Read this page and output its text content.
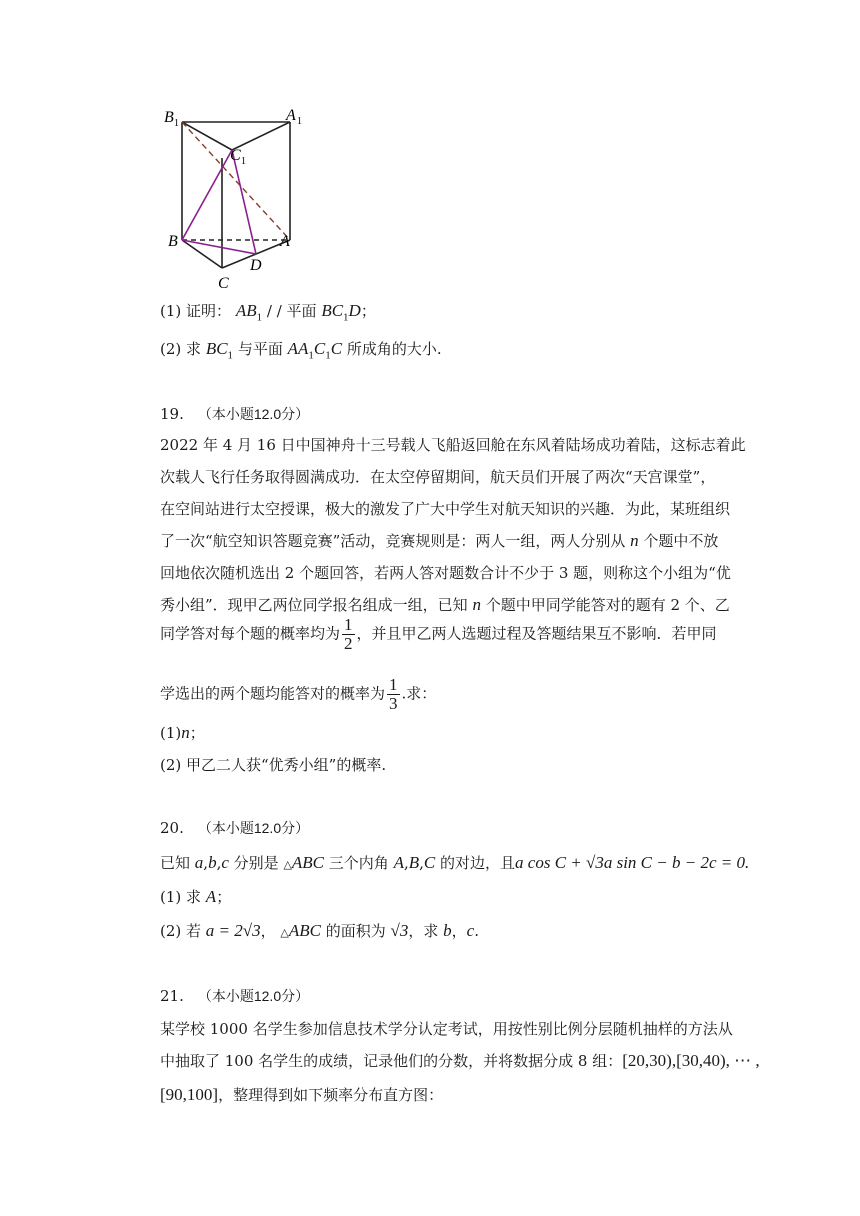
B 1	A 1
C 1
B	A
D
C
(1) 证明： $AB_1$ / / 平面 $BC_1D$；
(2) 求 $BC_1$ 与平面 $AA_1C_1C$ 所成角的大小.
19. （本小题12.0分）
2022 年 4 月 16 日中国神舟十三号载人飞船返回舱在东风着陆场成功着陆，这标志着此
次载人飞行任务取得圆满成功．在太空停留期间，航天员们开展了两次“天宫课堂”，
在空间站进行太空授课，极大的激发了广大中学生对航天知识的兴趣．为此，某班组织
了一次“航空知识答题竞赛”活动，竞赛规则是：两人一组，两人分别从 n 个题中不放
回地依次随机选出 2 个题回答，若两人答对题数合计不少于 3 题，则称这个小组为“优
秀小组”．现甲乙两位同学报名组成一组，已知 n 个题中甲同学能答对的题有 2 个、乙
同学答对每个题的概率均为 $\frac{1}{2}$ ，并且甲乙两人选题过程及答题结果互不影响．若甲同
学选出的两个题均能答对的概率为 $\frac{1}{3}$ .求：
(1)n；
(2) 甲乙二人获“优秀小组”的概率.
20. （本小题12.0分）
已知 a,b,c 分别是 △ABC 三个内角 A,B,C 的对边，且a cos C + √3a sin C − b − 2c = 0.
(1) 求 A；
(2) 若 a = 2√3， △ABC 的面积为 √3，求 b，c.
21. （本小题12.0分）
某学校 1000 名学生参加信息技术学分认定考试，用按性别比例分层随机抽样的方法从
中抽取了 100 名学生的成绩，记录他们的分数，并将数据分成 8 组：[20,30),[30,40), ⋯ ,
[90,100]，整理得到如下频率分布直方图：
